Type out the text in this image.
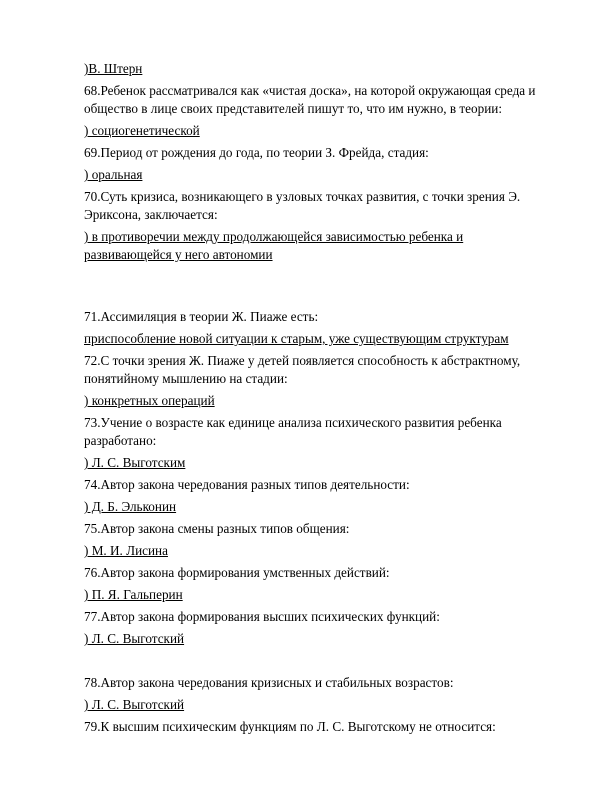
)В. Штерн
68.Ребенок рассматривался как «чистая доска», на которой окружающая среда и
общество в лице своих представителей пишут то, что им нужно, в теории:
) социогенетической
69.Период от рождения до года, по теории З. Фрейда, стадия:
) оральная
70.Суть кризиса, возникающего в узловых точках развития, с точки зрения Э.
Эриксона, заключается:
) в противоречии между продолжающейся зависимостью ребенка и
развивающейся у него автономии
71.Ассимиляция в теории Ж. Пиаже есть:
приспособление новой ситуации к старым, уже существующим структурам
72.С точки зрения Ж. Пиаже у детей появляется способность к абстрактному,
понятийному мышлению на стадии:
) конкретных операций
73.Учение о возрасте как единице анализа психического развития ребенка
разработано:
) Л. С. Выготским
74.Автор закона чередования разных типов деятельности:
) Д. Б. Эльконин
75.Автор закона смены разных типов общения:
) М. И. Лисина
76.Автор закона формирования умственных действий:
) П. Я. Гальперин
77.Автор закона формирования высших психических функций:
) Л. С. Выготский
78.Автор закона чередования кризисных и стабильных возрастов:
) Л. С. Выготский
79.К высшим психическим функциям по Л. С. Выготскому не относится:
